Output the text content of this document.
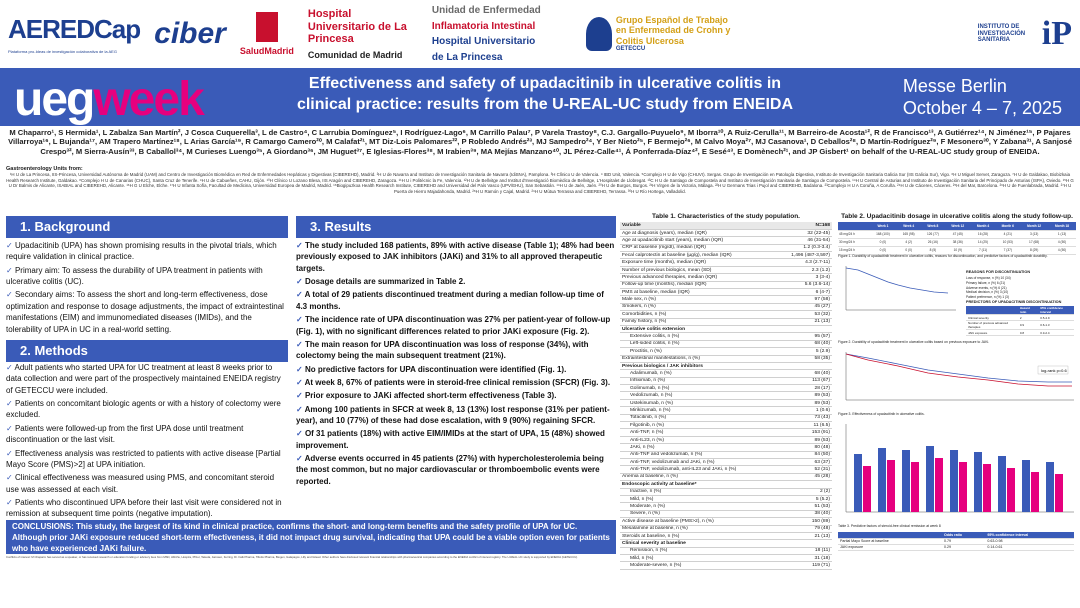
AEREDCap
Plataforma pro-Ideas de investigación colaborativa de la AEG
ciber
SaludMadrid
Hospital Universitario de La Princesa
Comunidad de Madrid
Unidad de Enfermedad
Inflamatoria Intestinal
Hospital Universitario
de La Princesa
Grupo Español de Trabajo
en Enfermedad de Crohn y
Colitis Ulcerosa
GETECCU
INSTITUTO DE INVESTIGACIÓN SANITARIA iP
uegweek	Effectiveness and safety of upadacitinib in ulcerative colitis in clinical practice: results from the U-REAL-UC study from ENEIDA
Messe Berlin
October 4 – 7, 2025
M Chaparro¹, S Hermida¹, L Zabalza San Martín², J Cosca Cuquerella³, L de Castro⁴, C Larrubia Domínguez⁵, I Rodríguez-Lago⁶, M Carrillo Palau⁷, P Varela Trastoy⁸, C.J. Gargallo-Puyuelo⁹, M Iborra¹⁰, A Ruiz-Cerulla¹¹, M Barreiro-de Acosta¹², R de Francisco¹³, A Gutiérrez¹⁴, N Jiménez¹⁵, P Pajares Villarroya¹⁶, L Bujanda¹⁷, AM Trapero Martínez¹⁸, L Arias García¹⁹, R Camargo Camero²⁰, M Calafat²¹, MT Diz-Lois Palomares²², P Robledo Andrés²³, MJ Sampedro²⁴, Y Ber Nieto²⁵, F Bermejo²⁶, M Calvo Moya²⁷, MJ Casanova¹, D Ceballos²⁸, D Martín-Rodríguez²⁹, F Mesonero³⁰, Y Zabana³¹, A Sanjosé Crespo³², M Sierra-Ausín³³, B Caballol³⁴, M Curieses Luengo³⁵, A Giordano³⁶, JM Huguet³⁷, E Iglesias-Flores³⁸, M Irabien³⁹, MA Mejías Manzano⁴⁰, JL Pérez-Calle⁴¹, Á Ponferrada-Díaz⁴², E Sesé⁴³, E Domènech²¹, and JP Gisbert¹ on behalf of the U-REAL-UC study group of ENEIDA.
Gastroenterology Units from:
¹H U de La Princesa, IIS-Princesa, Universidad Autónoma de Madrid (UAM) and Centro de Investigación Biomédica en Red de Enfermedades Hepáticas y Digestivas (CIBEREHD), Madrid. ²H U de Navarra and Instituto de Investigación Sanitaria de Navarra (IdiSNA), Pamplona. ³H Clínico U de Valencia. ⁴ IBD Unit, Valencia. ⁵Complejo H U de Vigo (CHUVI). Sergas. Grupo de Investigación en Patología Digestiva, Instituto de Investigación Sanitaria Galicia Sur (IIS Galicia Sur), Vigo. ⁶H U Miguel Servet, Zaragoza. ⁷H U de Galdakao, Biobizkaia Health Research Institute, Galdakao. ⁸Complejo H U de Canarias (CHUC), Santa Cruz de Tenerife. ⁹H U de Cabueñes, CAHU, Gijón. ¹⁰H Clínico U Lozano Blesa, IIS Aragón and CIBEREHD, Zaragoza. ¹¹H U i Politècnic la Fe, Valencia. ¹²H U de Bellvitge and Institut d'Investigació Biomèdica de Bellvitge, L'Hospitalet de Llobregat. ¹³C H U de Santiago de Compostela and Instituto de Investigación Sanitaria de Santiago de Compostela. ¹⁴H U Central de Asturias and Instituto de Investigación Sanitaria del Principado de Asturias (ISPA), Oviedo. ¹⁵H G U Dr Balmis de Alicante, ISABIAL and CIBEREHD, Alicante. ¹⁶H G U Elche, Elche. ¹⁷H U Infanta Sofía, Facultad de Medicina, Universidad Europea de Madrid, Madrid. ¹⁸Biogipuzkoa Health Research Institute, CIBEREHD and Universidad del País Vasco (UPV/EHU), San Sebastián. ¹⁹H U de Jaén, Jaén. ²⁰H U de Burgos, Burgos. ²¹H Virgen de la Victoria, Málaga. ²²H U Germans Trias i Pujol and CIBEREHD, Badalona. ²³Complejo H U A Coruña, A Coruña. ²⁴H U de Cáceres, Cáceres. ²⁵H del Mar, Barcelona. ²⁶H U de Fuenlabrada, Madrid. ²⁷H U Puerta de Hierro Majadahonda, Madrid. ²⁸H U Ramón y Cajal, Madrid. ²⁹H U Mútua Terrassa and CIBEREHD, Terrassa. ³⁰H U Río Hortega, Valladolid.
1. Background

✓ Upadacitinib (UPA) has shown promising results in the pivotal trials, which require validation in clinical practice.

✓ Primary aim: To assess the durability of UPA treatment in patients with ulcerative colitis (UC).

✓ Secondary aims: To assess the short and long-term effectiveness, dose optimization and response to dosage adjustments, the impact of extraintestinal manifestations (EIM) and immunomediated diseases (IMIDs), and the tolerability of UPA in UC in a real-world setting.

2. Methods

✓ Adult patients who started UPA for UC treatment at least 8 weeks prior to data collection and were part of the prospectively maintained ENEIDA registry of GETECCU were included.

✓ Patients on concomitant biologic agents or with a history of colectomy were excluded.

✓ Patients were followed-up from the first UPA dose until treatment discontinuation or the last visit.

✓ Effectiveness analysis was restricted to patients with active disease [Partial Mayo Score (PMS)>2] at UPA initiation.

✓ Clinical effectiveness was measured using PMS, and concomitant steroid use was assessed at each visit.

✓ Patients who discontinued UPA before their last visit were considered not in remission at subsequent time points (negative imputation).

3. Results

✓ The study included 168 patients, 89% with active disease (Table 1); 48% had been previously exposed to JAK inhibitors (JAKi) and 31% to all approved therapeutic targets.

✓ Dosage details are summarized in Table 2.

✓ A total of 29 patients discontinued treatment during a median follow-up time of 4.3 months.

✓ The incidence rate of UPA discontinuation was 27% per patient-year of follow-up (Fig. 1), with no significant differences related to prior JAKi exposure (Fig. 2).

✓ The main reason for UPA discontinuation was loss of response (34%), with colectomy being the main subsequent treatment (21%).

✓ No predictive factors for UPA discontinuation were identified (Fig. 1).

✓ At week 8, 67% of patients were in steroid-free clinical remission (SFCR) (Fig. 3).

✓ Prior exposure to JAKi affected short-term effectiveness (Table 3).

✓ Among 100 patients in SFCR at week 8, 13 (13%) lost response (31% per patient-year), and 10 (77%) of these had dose escalation, with 9 (90%) regaining SFCR.

✓ Of 31 patients (18%) with active EIM/IMIDs at the start of UPA, 15 (48%) showed improvement.

✓ Adverse events occurred in 45 patients (27%) with hypercholesterolemia being the most common, but no major cardiovascular or thromboembolic events were reported.

CONCLUSIONS: This study, the largest of its kind in clinical practice, confirms the short- and long-term benefits and the safety profile of UPA for UC. Although prior JAKi exposure reduced short-term effectiveness, it did not impact drug survival, indicating that UPA could be a viable option even for patients who have experienced JAKi failure.
Table 1. Characteristics of the study population.
Variable	N=168
Age at diagnosis (years), median (IQR)	32 (22-45)
Age at upadacitinib start (years), median (IQR)	46 (31-54)
CRP at baseline (mg/dl), median (IQR)	1.2 (0.3-3.4)
Fecal calprotectin at baseline (µg/g), median (IQR)	1,496 (487-3,597)
Exposure time (months), median (IQR)	4.3 (2.7-11)
Number of previous biologics, mean (SD)	2.3 (1.2)
Previous advanced therapies, median (IQR)	3 (3-4)
Follow-up time (months), median (IQR)	5.6 (3.6-14)
PMS at baseline, median (IQR)	6 (4-7)
Male sex, n (%)	97 (58)
Smokers, n (%)	45 (27)
Comorbidities, n (%)	53 (32)
Family history, n (%)	21 (13)
Ulcerative colitis extension	
Extensive colitis, n (%)	95 (57)
Left-sided colitis, n (%)	68 (40)
Proctitis, n (%)	5 (2.9)
Extraintestinal manifestations, n (%)	58 (35)
Previous biologics / JAK inhibitors	
Adalimumab, n (%)	68 (40)
Infliximab, n (%)	113 (67)
Golimumab, n (%)	28 (17)
Vedolizumab, n (%)	89 (53)
Ustekinumab, n (%)	89 (53)
Mirikizumab, n (%)	1 (0.6)
Tofacitinib, n (%)	73 (43)
Filgotinib, n (%)	11 (6.5)
Anti-TNF, n (%)	153 (91)
Anti-IL23, n (%)	89 (53)
JAKi, n (%)	80 (48)
Anti-TNF and vedolizumab, n (%)	84 (50)
Anti-TNF, vedolizumab and JAKi, n (%)	63 (37)
Anti-TNF, vedolizumab, anti-IL23 and JAKi, n (%)	52 (31)
Anemia at baseline, n (%)	45 (28)
Endoscopic activity at baseline*	
Inactive, n (%)	2 (2)
Mild, n (%)	5 (5.2)
Moderate, n (%)	51 (53)
Severe, n (%)	38 (40)
Active disease at baseline (PMS>2), n (%)	150 (89)
Mesalamine at baseline, n (%)	79 (48)
Steroids at baseline, n (%)	21 (13)
Clinical severity at baseline	
Remission, n (%)	18 (11)
Mild, n (%)	31 (18)
Moderate-severe, n (%)	119 (71)
Table 2. Upadacitinib dosage in ulcerative colitis along the study follow-up.
	Week 1	Week 4	Week 8	Week 12	Month 4	Month 6	Month 12	Month 18
45 mg/24 h	168 (100)	165 (98)	126 (77)	47 (45)	16 (28)	4 (21)	3 (13)	1 (13)
30 mg/24 h	0 (0)	4 (2)	26 (16)	38 (36)	14 (25)	10 (53)	17 (68)	4 (50)
15 mg/24 h	0 (0)	0 (0)	8 (5)	10 (9)	7 (11)	7 (37)	8 (29)	4 (50)
Figure 1. Durability of upadacitinib treatment in ulcerative colitis, reasons for discontinuation, and predictive factors of upadacitinib durability.
REASONS FOR DISCONTINUATION
Loss of response, n (%) 10 (34)
Primary failure, n (%) 6 (21)
Adverse events, n (%) 6 (21)
Medical decision, n (%) 3 (10)
Patient preference, n (%) 1 (3)
PREDICTORS OF UPADACITINIB DISCONTINUATION
	Hazard ratio	95% confidence interval
Clinical severity	2	0.5-4.9
Number of previous advanced therapies	0.9	0.6-1.3
JAKi exposure	0.8	0.3-2.4
Figure 2. Durability of upadacitinib treatment in ulcerative colitis based on previous exposure to JAKi.
log-rank p=0.6
Figure 3. Effectiveness of upadacitinib in ulcerative colitis.
Table 3. Predictive factors of steroid-free clinical remission at week 8
	Odds ratio	95% confidence interval
Partial Mayo Score at baseline	0.79	0.63-0.98
JAKi exposure	0.29	0.14-0.61
Conflicts of interest: M Chaparro has served as a speaker, or has received research or education funding or advisory fees from MSD, AbbVie, Hospira, Pfizer, Takeda, Janssen, Ferring, Dr. Falk Pharma, Tillotts Pharma, Biogen, Galapagos, Lilly and Gilead. Other authors have disclosed relevant financial relationships with pharmaceutical companies according to the ENEIDA conflict of interest registry. The U-REAL-UC study is supported by ENEIDA (GETECCU).
